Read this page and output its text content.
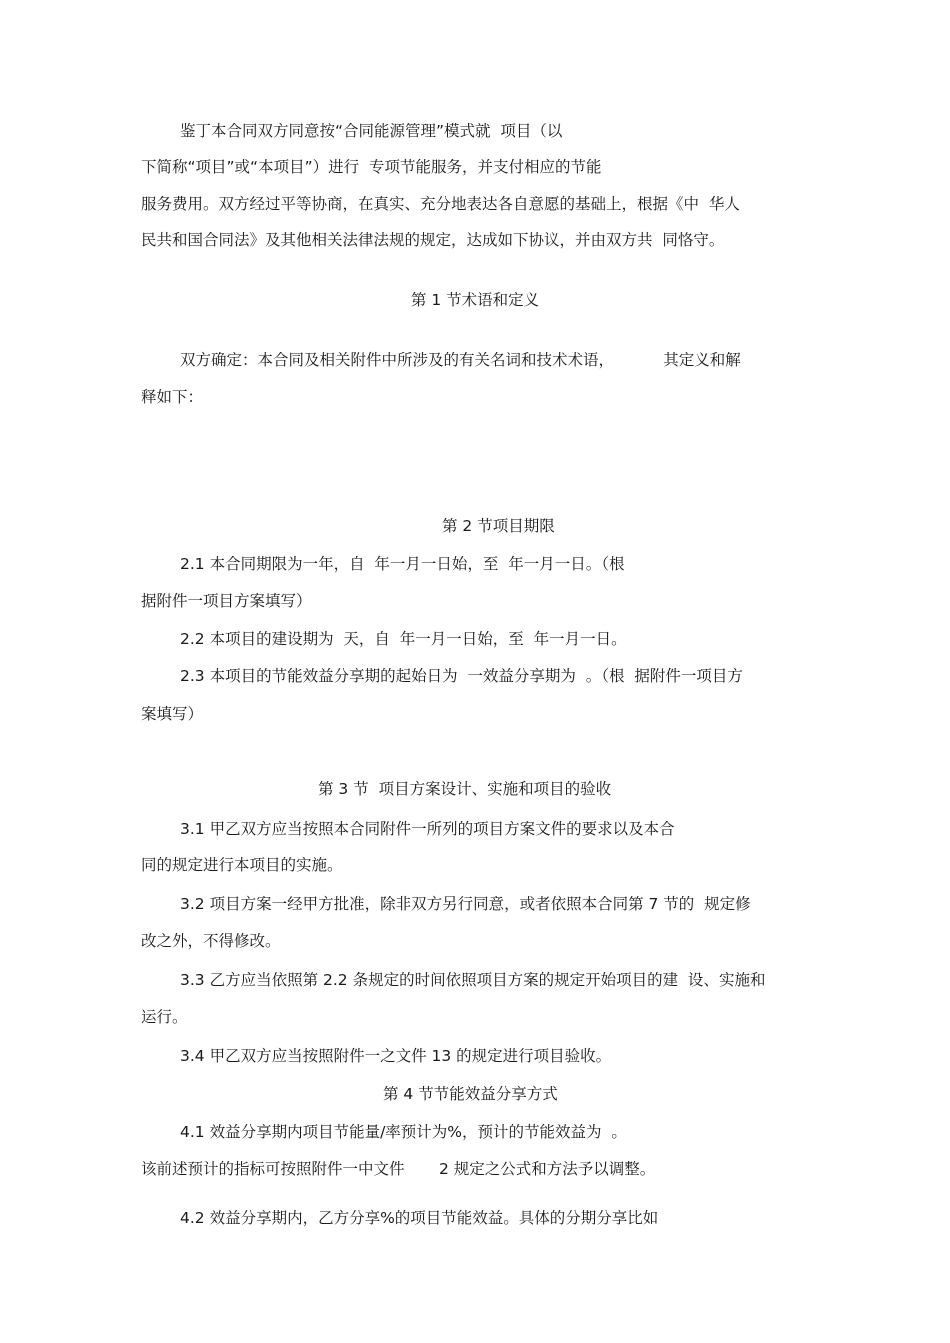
鉴丁本合同双方同意按“合同能源管理”模式就  项目（以
下简称“项目”或“本项目”）进行  专项节能服务，并支付相应的节能
服务费用。双方经过平等协商，在真实、充分地表达各自意愿的基础上，根据《中  华人
民共和国合同法》及其他相关法律法规的规定，达成如下协议，并由双方共  同恪守。
第 1 节术语和定义
双方确定：本合同及相关附件中所涉及的有关名词和技术术语，          其定义和解
释如下：
第 2 节项目期限
2.1 本合同期限为一年，自  年一月一日始，至  年一月一日。（根
据附件一项目方案填写）
2.2 本项目的建设期为  天，自  年一月一日始，至  年一月一日。
2.3 本项目的节能效益分享期的起始日为  一效益分享期为  。（根  据附件一项目方
案填写）
第 3 节  项目方案设计、实施和项目的验收
3.1 甲乙双方应当按照本合同附件一所列的项目方案文件的要求以及本合
同的规定进行本项目的实施。
3.2 项目方案一经甲方批准，除非双方另行同意，或者依照本合同第 7 节的  规定修
改之外，不得修改。
3.3 乙方应当依照第 2.2 条规定的时间依照项目方案的规定开始项目的建  设、实施和
运行。
3.4 甲乙双方应当按照附件一之文件 13 的规定进行项目验收。
第 4 节节能效益分享方式
4.1 效益分享期内项目节能量/率预计为%，预计的节能效益为  。
该前述预计的指标可按照附件一中文件       2 规定之公式和方法予以调整。
4.2 效益分享期内，乙方分享%的项目节能效益。具体的分期分享比如
